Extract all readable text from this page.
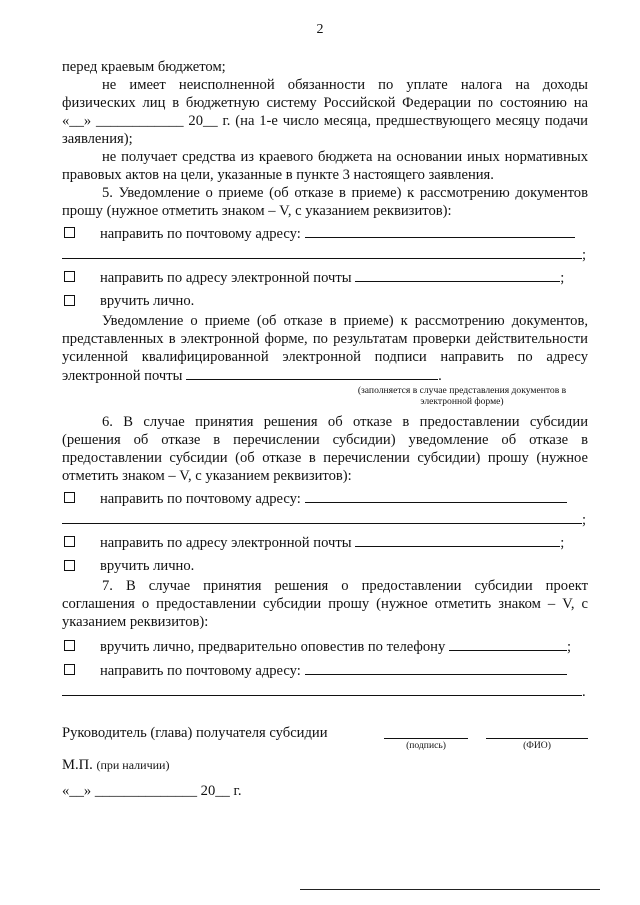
2

перед краевым бюджетом;

не имеет неисполненной обязанности по уплате налога на доходы физических лиц в бюджетную систему Российской Федерации по состоянию на «__» ____________ 20__ г. (на 1-е число месяца, предшествующего месяцу подачи заявления);

не получает средства из краевого бюджета на основании иных нормативных правовых актов на цели, указанные в пункте 3 настоящего заявления.

5. Уведомление о приеме (об отказе в приеме) к рассмотрению документов прошу (нужное отметить знаком – V, с указанием реквизитов):

направить по почтовому адресу:
;
направить по адресу электронной почты	;
вручить лично.

Уведомление о приеме (об отказе в приеме) к рассмотрению документов, представленных в электронной форме, по результатам проверки действительности усиленной квалифицированной электронной подписи направить по адресу электронной почты	.

(заполняется в случае представления документов в электронной форме)

6. В случае принятия решения об отказе в предоставлении субсидии (решения об отказе в перечислении субсидии) уведомление об отказе в предоставлении субсидии (об отказе в перечислении субсидии) прошу (нужное отметить знаком – V, с указанием реквизитов):

направить по почтовому адресу:
;
направить по адресу электронной почты	;
вручить лично.

7. В случае принятия решения о предоставлении субсидии проект соглашения о предоставлении субсидии прошу (нужное отметить знаком – V, с указанием реквизитов):

вручить лично, предварительно оповестив по телефону	;
направить по почтовому адресу:
.
Руководитель (глава) получателя субсидии
(подпись)	(ФИО)
М.П. (при наличии)
«__» ______________ 20__ г.
